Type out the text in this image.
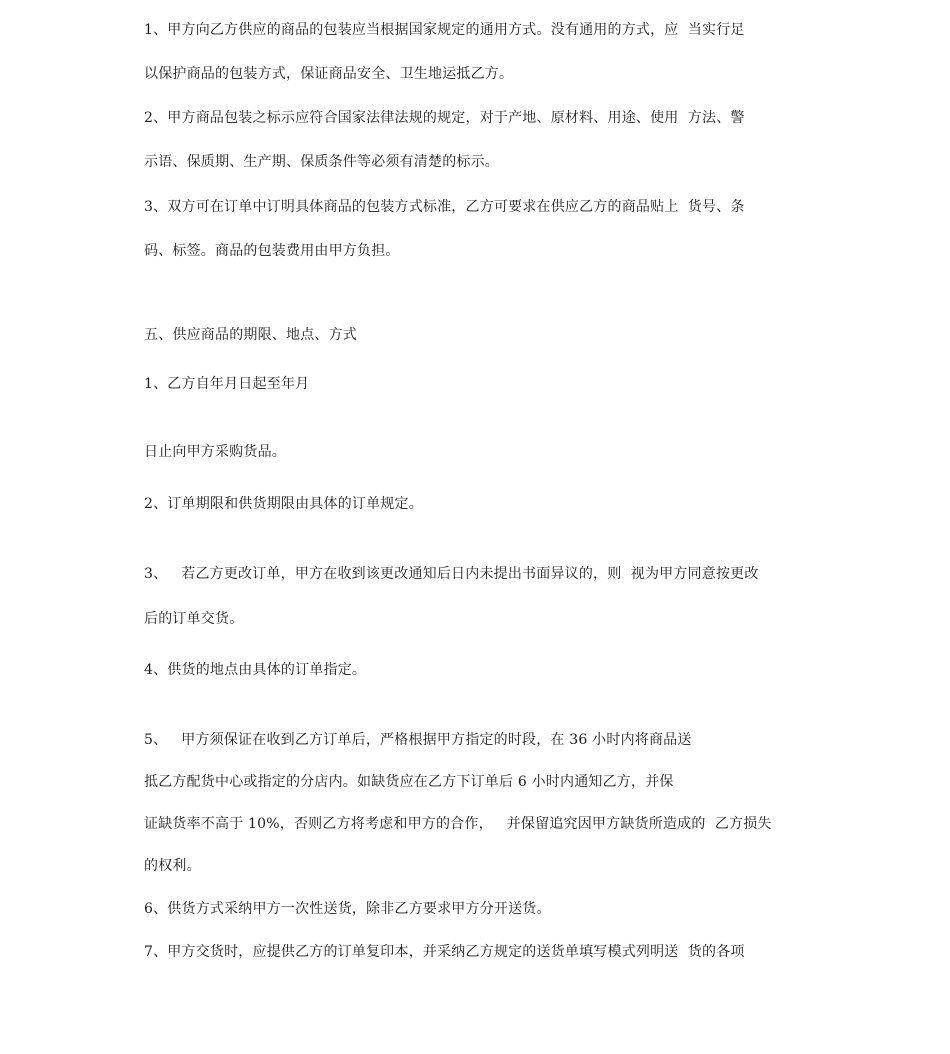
1、甲方向乙方供应的商品的包装应当根据国家规定的通用方式。没有通用的方式，应  当实行足
以保护商品的包装方式，保证商品安全、卫生地运抵乙方。
2、甲方商品包装之标示应符合国家法律法规的规定，对于产地、原材料、用途、使用  方法、警
示语、保质期、生产期、保质条件等必须有清楚的标示。
3、双方可在订单中订明具体商品的包装方式标准，乙方可要求在供应乙方的商品贴上  货号、条
码、标签。商品的包装费用由甲方负担。
五、供应商品的期限、地点、方式
1、乙方自年月日起至年月
日止向甲方采购货品。
2、订单期限和供货期限由具体的订单规定。
3、   若乙方更改订单，甲方在收到该更改通知后日内未提出书面异议的，则  视为甲方同意按更改
后的订单交货。
4、供货的地点由具体的订单指定。
5、   甲方须保证在收到乙方订单后，严格根据甲方指定的时段，在 36 小时内将商品送
抵乙方配货中心或指定的分店内。如缺货应在乙方下订单后 6 小时内通知乙方，并保
证缺货率不高于 10%，否则乙方将考虑和甲方的合作，   并保留追究因甲方缺货所造成的  乙方损失
的权利。
6、供货方式采纳甲方一次性送货，除非乙方要求甲方分开送货。
7、甲方交货时，应提供乙方的订单复印本，并采纳乙方规定的送货单填写模式列明送  货的各项
